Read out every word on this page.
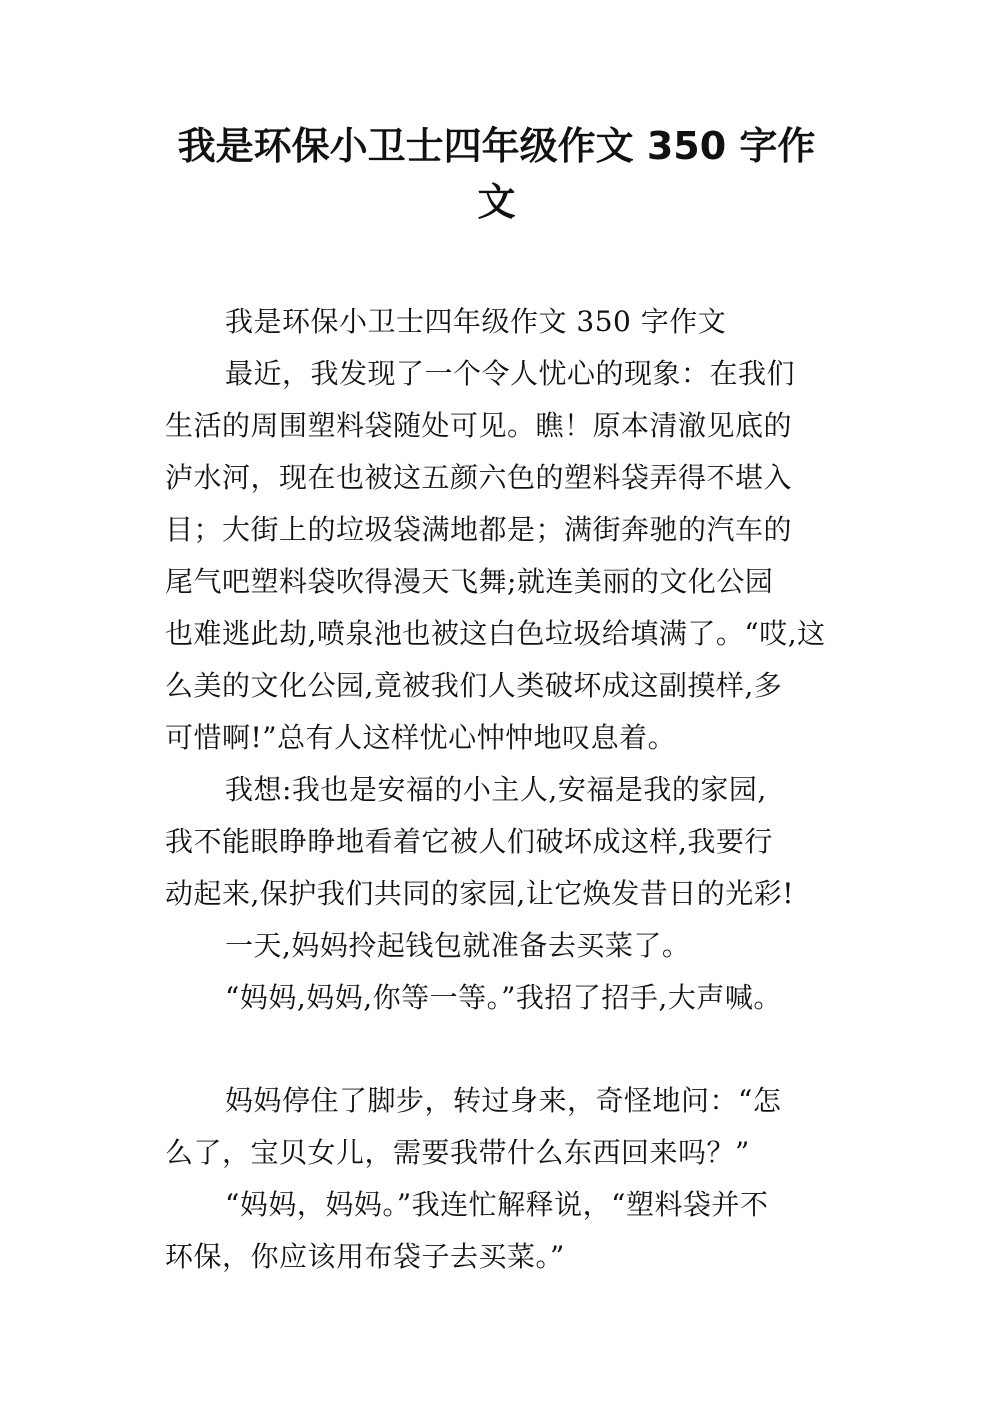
我是环保小卫士四年级作文 350 字作
文
我是环保小卫士四年级作文 350 字作文
最近，我发现了一个令人忧心的现象：在我们
生活的周围塑料袋随处可见。瞧！原本清澈见底的
泸水河，现在也被这五颜六色的塑料袋弄得不堪入
目；大街上的垃圾袋满地都是；满街奔驰的汽车的
尾气吧塑料袋吹得漫天飞舞;就连美丽的文化公园
也难逃此劫,喷泉池也被这白色垃圾给填满了。“哎,这
么美的文化公园,竟被我们人类破坏成这副摸样,多
可惜啊!”总有人这样忧心忡忡地叹息着。
我想:我也是安福的小主人,安福是我的家园,
我不能眼睁睁地看着它被人们破坏成这样,我要行
动起来,保护我们共同的家园,让它焕发昔日的光彩!
一天,妈妈拎起钱包就准备去买菜了。
“妈妈,妈妈,你等一等。”我招了招手,大声喊。
妈妈停住了脚步，转过身来，奇怪地问：“怎
么了，宝贝女儿，需要我带什么东西回来吗？”
“妈妈，妈妈。”我连忙解释说，“塑料袋并不
环保，你应该用布袋子去买菜。”
